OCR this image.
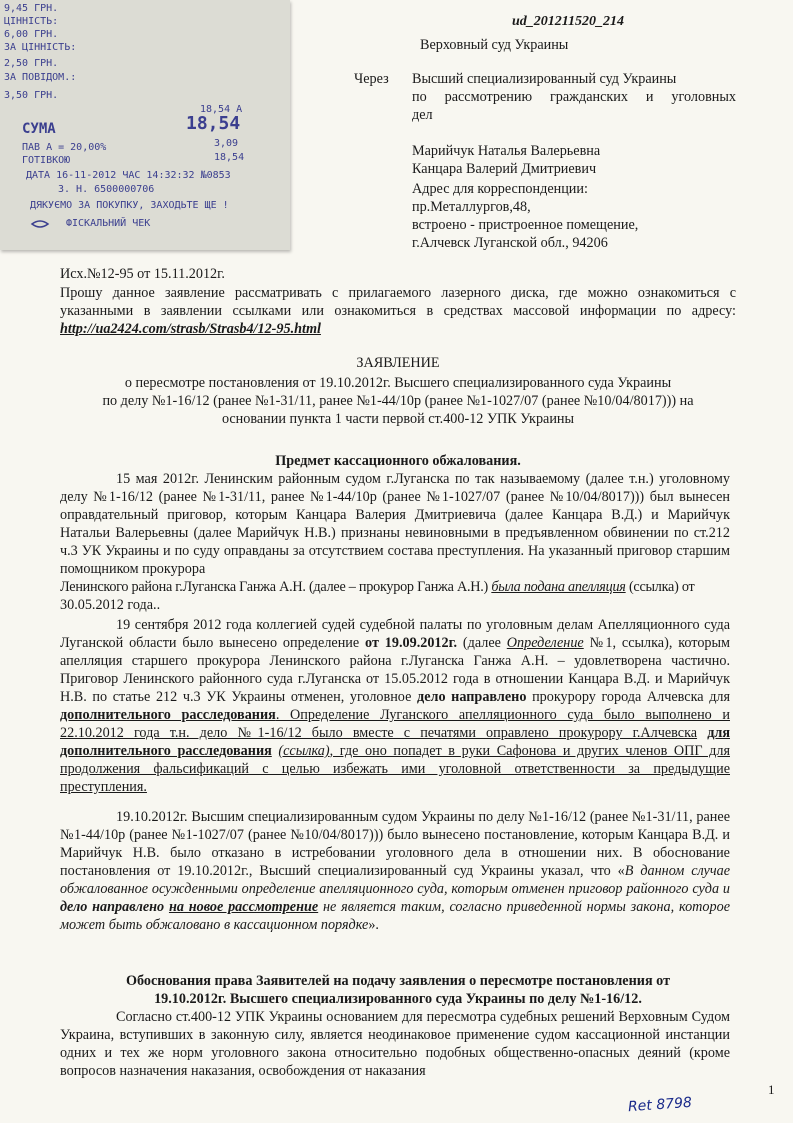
9,45 ГРН.
ЦІННІСТЬ:
6,00 ГРН.
ЗА ЦІННІСТЬ:
2,50 ГРН.
ЗА ПОВІДОМ.:
3,50 ГРН.
18,54 А
СУМА	18,54
ПАВ А = 20,00%	3,09
ГОТІВКОЮ	18,54
ДАТА 16-11-2012 ЧАС 14:32:32 №0853
З. Н. 6500000706
ДЯКУЄМО ЗА ПОКУПКУ, ЗАХОДЬТЕ ЩЕ !
ФІСКАЛЬНИЙ ЧЕК
ud_201211520_214
Верховный суд Украины
Через Высший специализированный суд Украины
по рассмотрению гражданских и уголовных
дел
Марийчук Наталья Валерьевна
Канцара Валерий Дмитриевич
Адрес для корреспонденции:
пр.Металлургов,48,
встроено - пристроенное помещение,
г.Алчевск Луганской обл., 94206
Исх.№12-95 от 15.11.2012г.
Прошу данное заявление рассматривать с прилагаемого лазерного диска, где можно ознакомиться с указанными в заявлении ссылками или ознакомиться в средствах массовой информации по адресу: http://ua2424.com/strasb/Strasb4/12-95.html
ЗАЯВЛЕНИЕ
о пересмотре постановления от 19.10.2012г. Высшего специализированного суда Украины
по делу №1-16/12 (ранее №1-31/11, ранее №1-44/10р (ранее №1-1027/07 (ранее №10/04/8017))) на
основании пункта 1 части первой ст.400-12 УПК Украины
Предмет кассационного обжалования.
15 мая 2012г. Ленинским районным судом г.Луганска по так называемому (далее т.н.) уголовному делу №1-16/12 (ранее №1-31/11, ранее №1-44/10р (ранее №1-1027/07 (ранее №10/04/8017))) был вынесен оправдательный приговор, которым Канцара Валерия Дмитриевича (далее Канцара В.Д.) и Марийчук Натальи Валерьевны (далее Марийчук Н.В.) признаны невиновными в предъявленном обвинении по ст.212 ч.3 УК Украины и по суду оправданы за отсутствием состава преступления. На указанный приговор старшим помощником прокурора
Ленинского района г.Луганска Ганжа А.Н. (далее – прокурор Ганжа А.Н.) была подана апелляция (ссылка) от
30.05.2012 года..
19 сентября 2012 года коллегией судей судебной палаты по уголовным делам Апелляционного суда Луганской области было вынесено определение от 19.09.2012г. (далее Определение №1, ссылка), которым апелляция старшего прокурора Ленинского района г.Луганска Ганжа А.Н. – удовлетворена частично. Приговор Ленинского районного суда г.Луганска от 15.05.2012 года в отношении Канцара В.Д. и Марийчук Н.В. по статье 212 ч.3 УК Украины отменен, уголовное дело направлено прокурору города Алчевска для дополнительного расследования. Определение Луганского апелляционного суда было выполнено и 22.10.2012 года т.н. дело №1-16/12 было вместе с печатями оправлено прокурору г.Алчевска для дополнительного расследования (ссылка), где оно попадет в руки Сафонова и других членов ОПГ для продолжения фальсификаций с целью избежать ими уголовной ответственности за предыдущие преступления.
19.10.2012г. Высшим специализированным судом Украины по делу №1-16/12 (ранее №1-31/11, ранее №1-44/10р (ранее №1-1027/07 (ранее №10/04/8017))) было вынесено постановление, которым Канцара В.Д. и Марийчук Н.В. было отказано в истребовании уголовного дела в отношении них. В обоснование постановления от 19.10.2012г., Высший специализированный суд Украины указал, что «В данном случае обжалованное осужденными определение апелляционного суда, которым отменен приговор районного суда и дело направлено на новое рассмотрение не является таким, согласно приведенной нормы закона, которое может быть обжаловано в кассационном порядке».
Обоснования права Заявителей на подачу заявления о пересмотре постановления от
19.10.2012г. Высшего специализированного суда Украины по делу №1-16/12.
Согласно ст.400-12 УПК Украины основанием для пересмотра судебных решений Верховным Судом Украина, вступивших в законную силу, является неодинаковое применение судом кассационной инстанции одних и тех же норм уголовного закона относительно подобных общественно-опасных деяний (кроме вопросов назначения наказания, освобождения от наказания
1
Ret 8798
